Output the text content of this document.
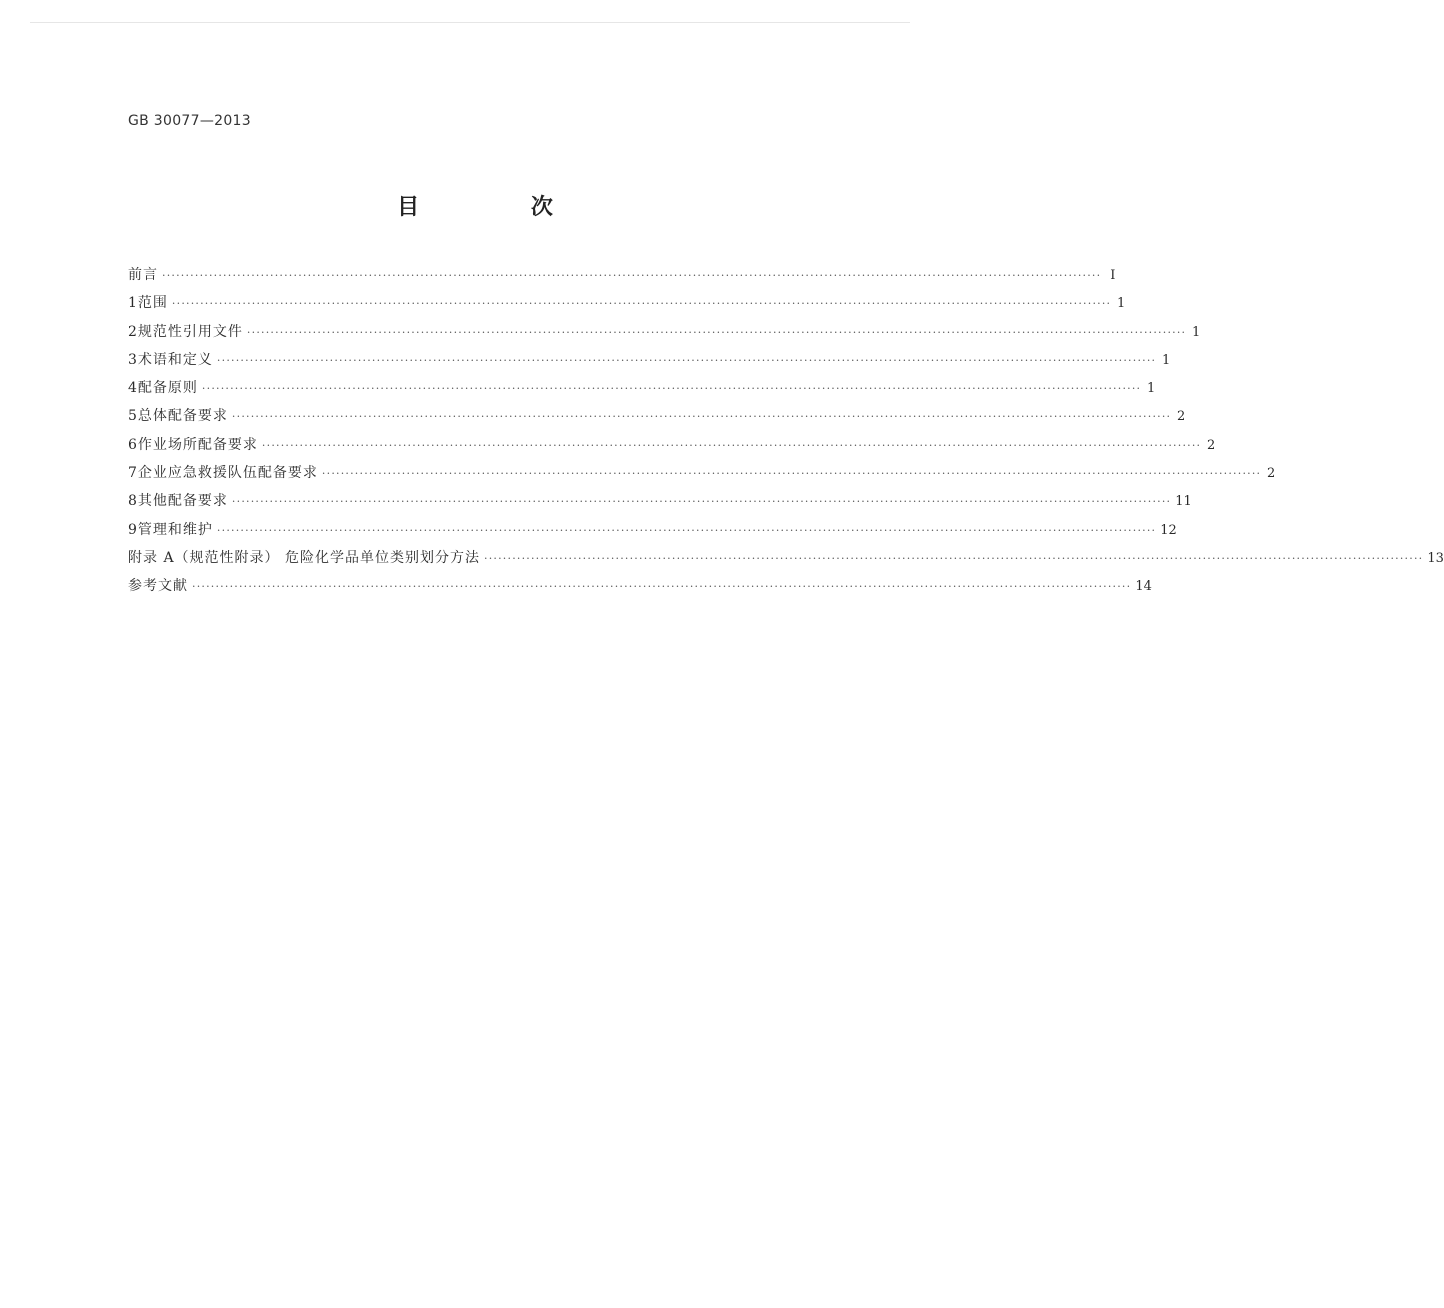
GB 30077—2013
目 次
前言 ········································································································································································································ Ⅰ
1 范围 ········································································································································································································ 1
2 规范性引用文件 ········································································································································································································ 1
3 术语和定义 ········································································································································································································ 1
4 配备原则 ········································································································································································································ 1
5 总体配备要求 ········································································································································································································ 2
6 作业场所配备要求 ········································································································································································································ 2
7 企业应急救援队伍配备要求 ········································································································································································································ 2
8 其他配备要求 ········································································································································································································ 11
9 管理和维护 ········································································································································································································ 12
附录 A（规范性附录） 危险化学品单位类别划分方法 ········································································································································································································ 13
参考文献 ········································································································································································································ 14
